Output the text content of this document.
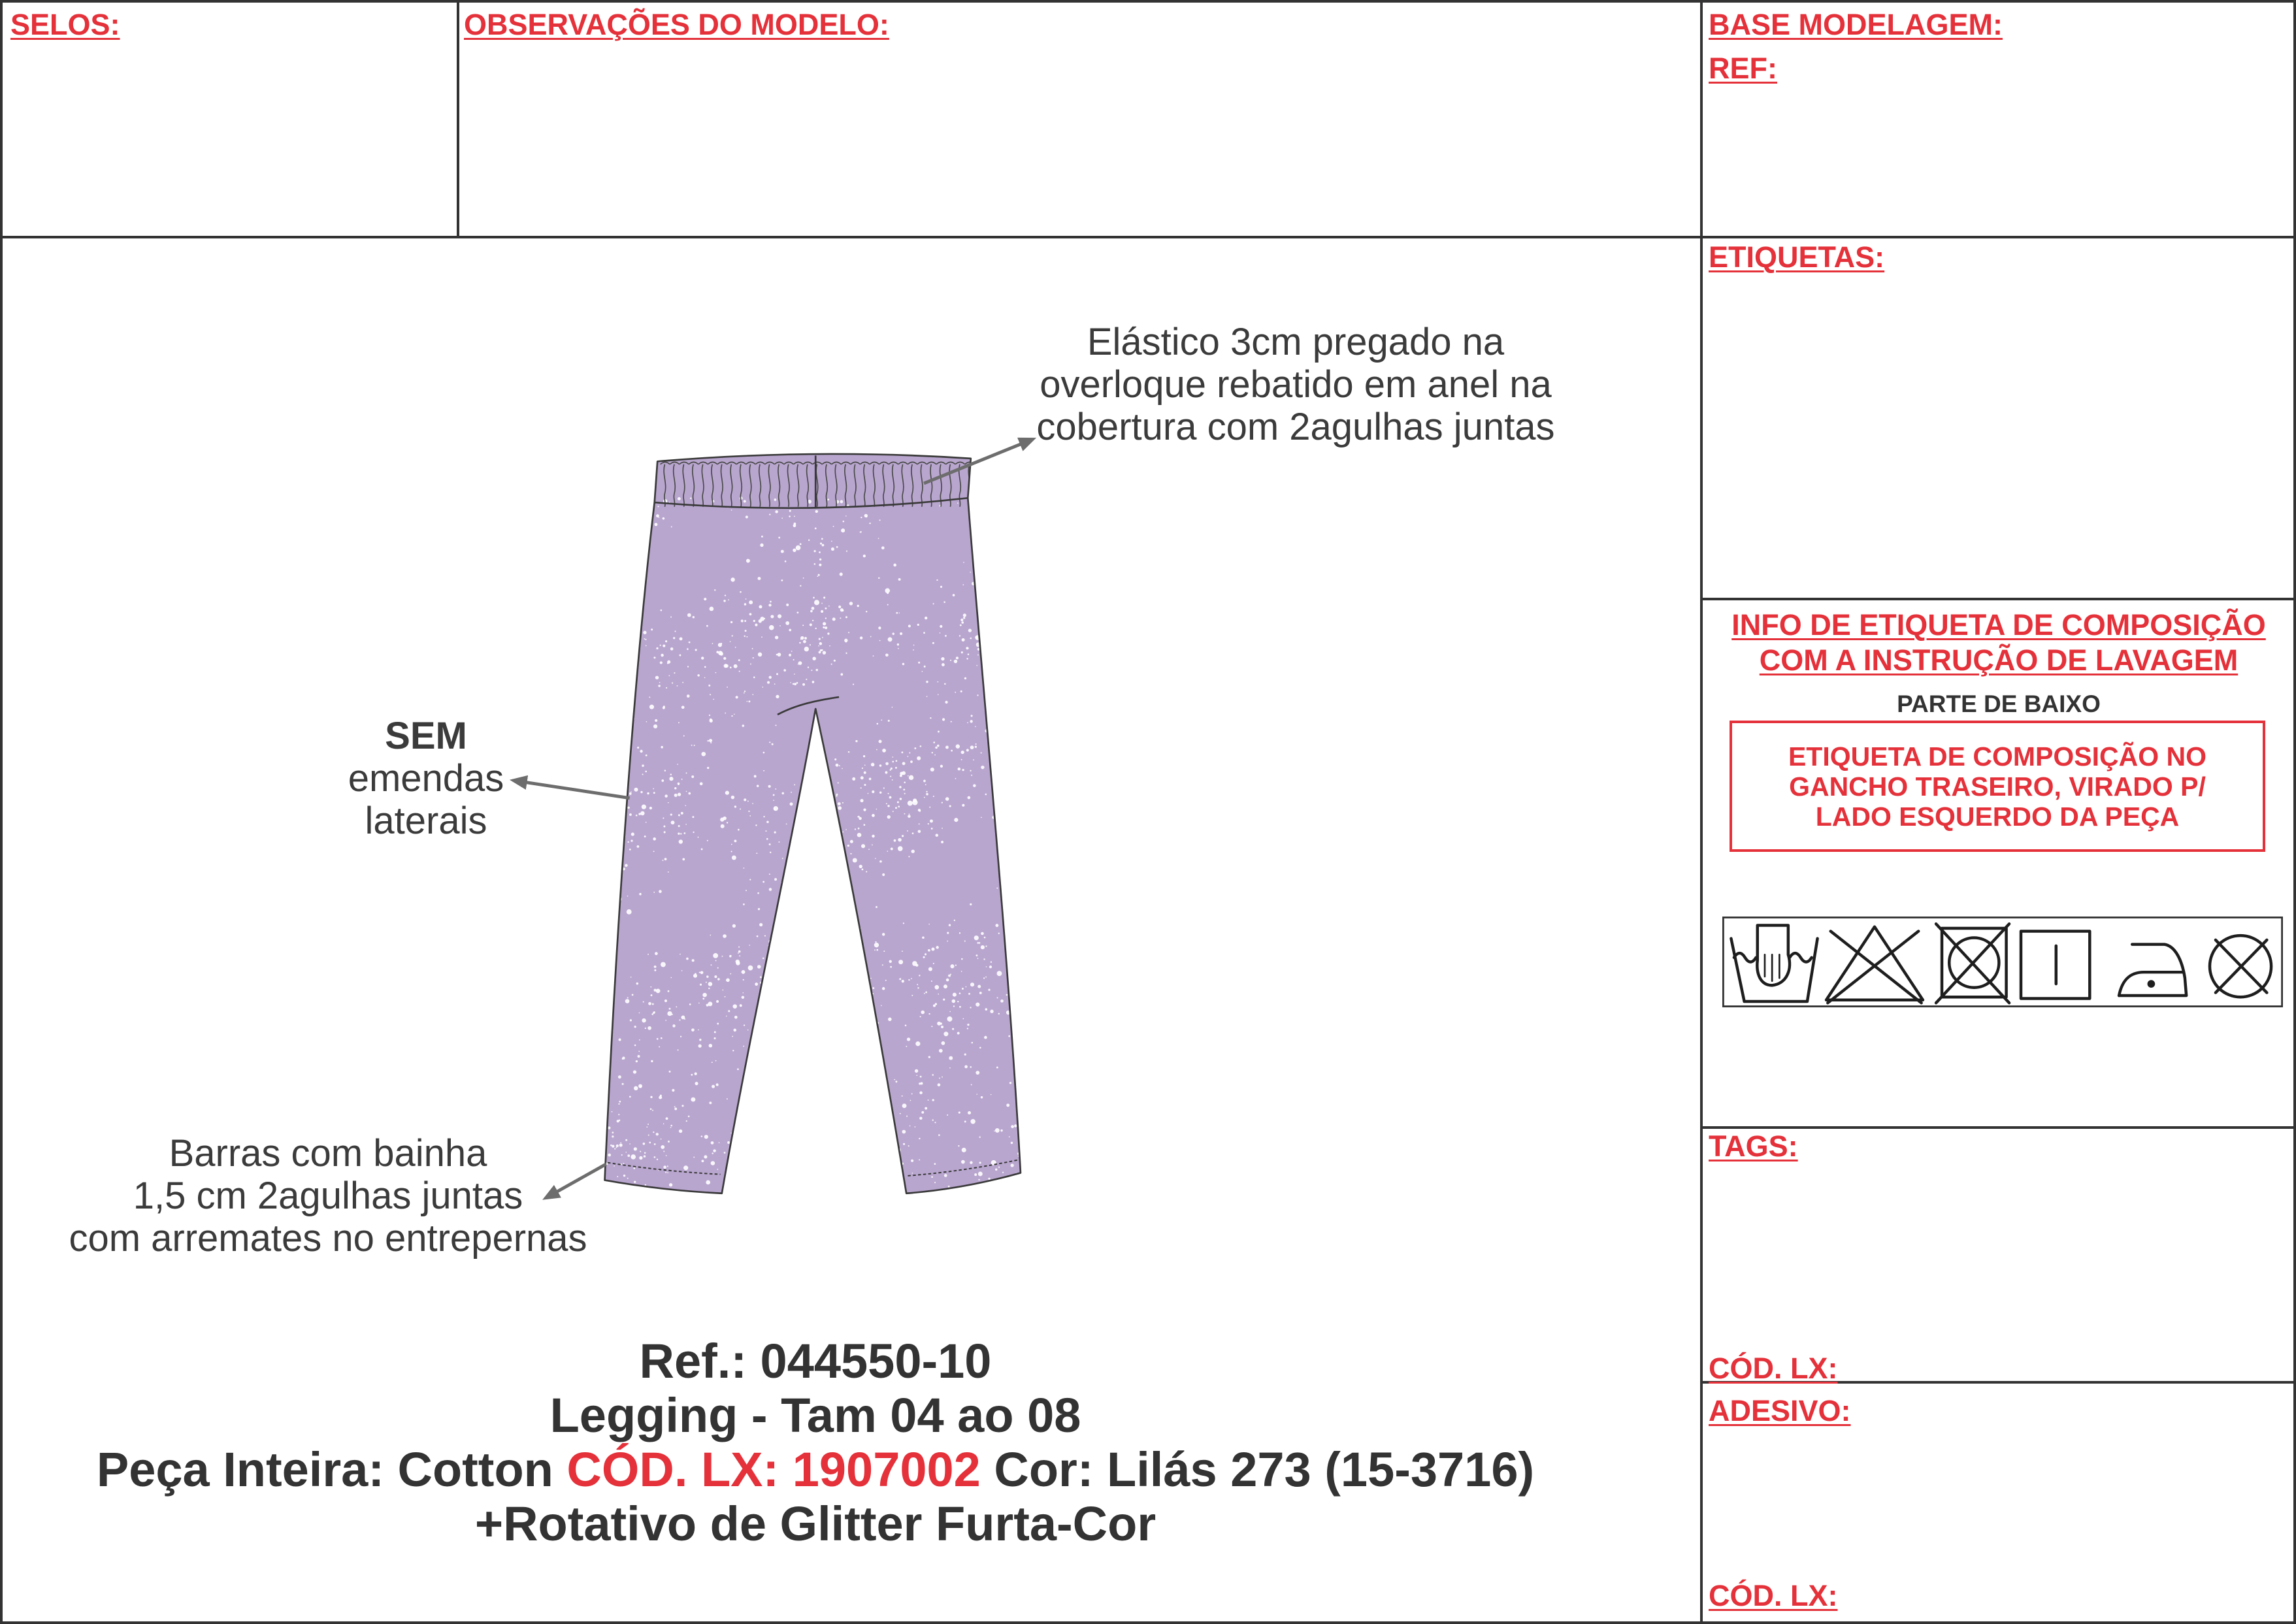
SELOS:	OBSERVAÇÕES DO MODELO:	BASE MODELAGEM:
REF:
ETIQUETAS:
INFO DE ETIQUETA DE COMPOSIÇÃO
COM A INSTRUÇÃO DE LAVAGEM
PARTE DE BAIXO
ETIQUETA DE COMPOSIÇÃO NO
GANCHO TRASEIRO, VIRADO P/
LADO ESQUERDO DA PEÇA
TAGS:
CÓD. LX:
ADESIVO:
CÓD. LX:
Elástico 3cm pregado na
overloque rebatido em anel na
cobertura com 2agulhas juntas
SEM
emendas
laterais
Barras com bainha
1,5 cm 2agulhas juntas
com arremates no entrepernas
Ref.: 044550-10
Legging - Tam 04 ao 08
Peça Inteira: Cotton CÓD. LX: 1907002 Cor: Lilás 273 (15-3716)
+Rotativo de Glitter Furta-Cor
